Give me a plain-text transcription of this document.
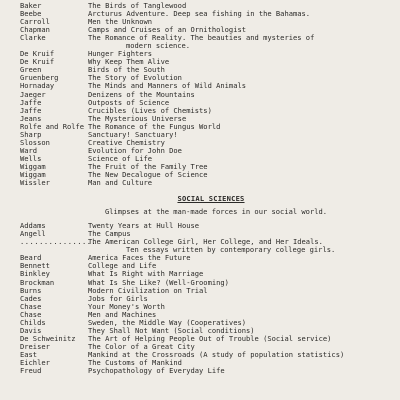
Baker	The Birds of Tanglewood
Beebe	Arcturus Adventure. Deep sea fishing in the Bahamas.
Carroll	Men the Unknown
Chapman	Camps and Cruises of an Ornithologist
Clarke	The Romance of Reality. The beauties and mysteries of
modern science.
De Kruif	Hunger Fighters
De Kruif	Why Keep Them Alive
Green	Birds of the South
Gruenberg	The Story of Evolution
Hornaday	The Minds and Manners of Wild Animals
Jaeger	Denizens of the Mountains
Jaffe	Outposts of Science
Jaffe	Crucibles (Lives of Chemists)
Jeans	The Mysterious Universe
Rolfe and Rolfe The Romance of the Fungus World
Sharp	Sanctuary! Sanctuary!
Slosson	Creative Chemistry
Ward	Evolution for John Doe
Wells	Science of Life
Wiggam	The Fruit of the Family Tree
Wiggam	The New Decalogue of Science
Wissler	Man and Culture
SOCIAL SCIENCES
Glimpses at the man-made forces in our social world.
Addams	Twenty Years at Hull House
Angell	The Campus
................
The American College Girl, Her College, and Her Ideals.
Ten essays written by contemporary college girls.
Beard	America Faces the Future
Bennett	College and Life
Binkley	What Is Right with Marriage
Brockman	What Is She Like? (Well-Grooming)
Burns	Modern Civilization on Trial
Cades	Jobs for Girls
Chase	Your Money's Worth
Chase	Men and Machines
Childs	Sweden, the Middle Way (Cooperatives)
Davis	They Shall Not Want (Social conditions)
De Schweinitz	The Art of Helping People Out of Trouble (Social service)
Dreiser	The Color of a Great City
East	Mankind at the Crossroads (A study of population statistics)
Eichler	The Customs of Mankind
Freud	Psychopathology of Everyday Life
